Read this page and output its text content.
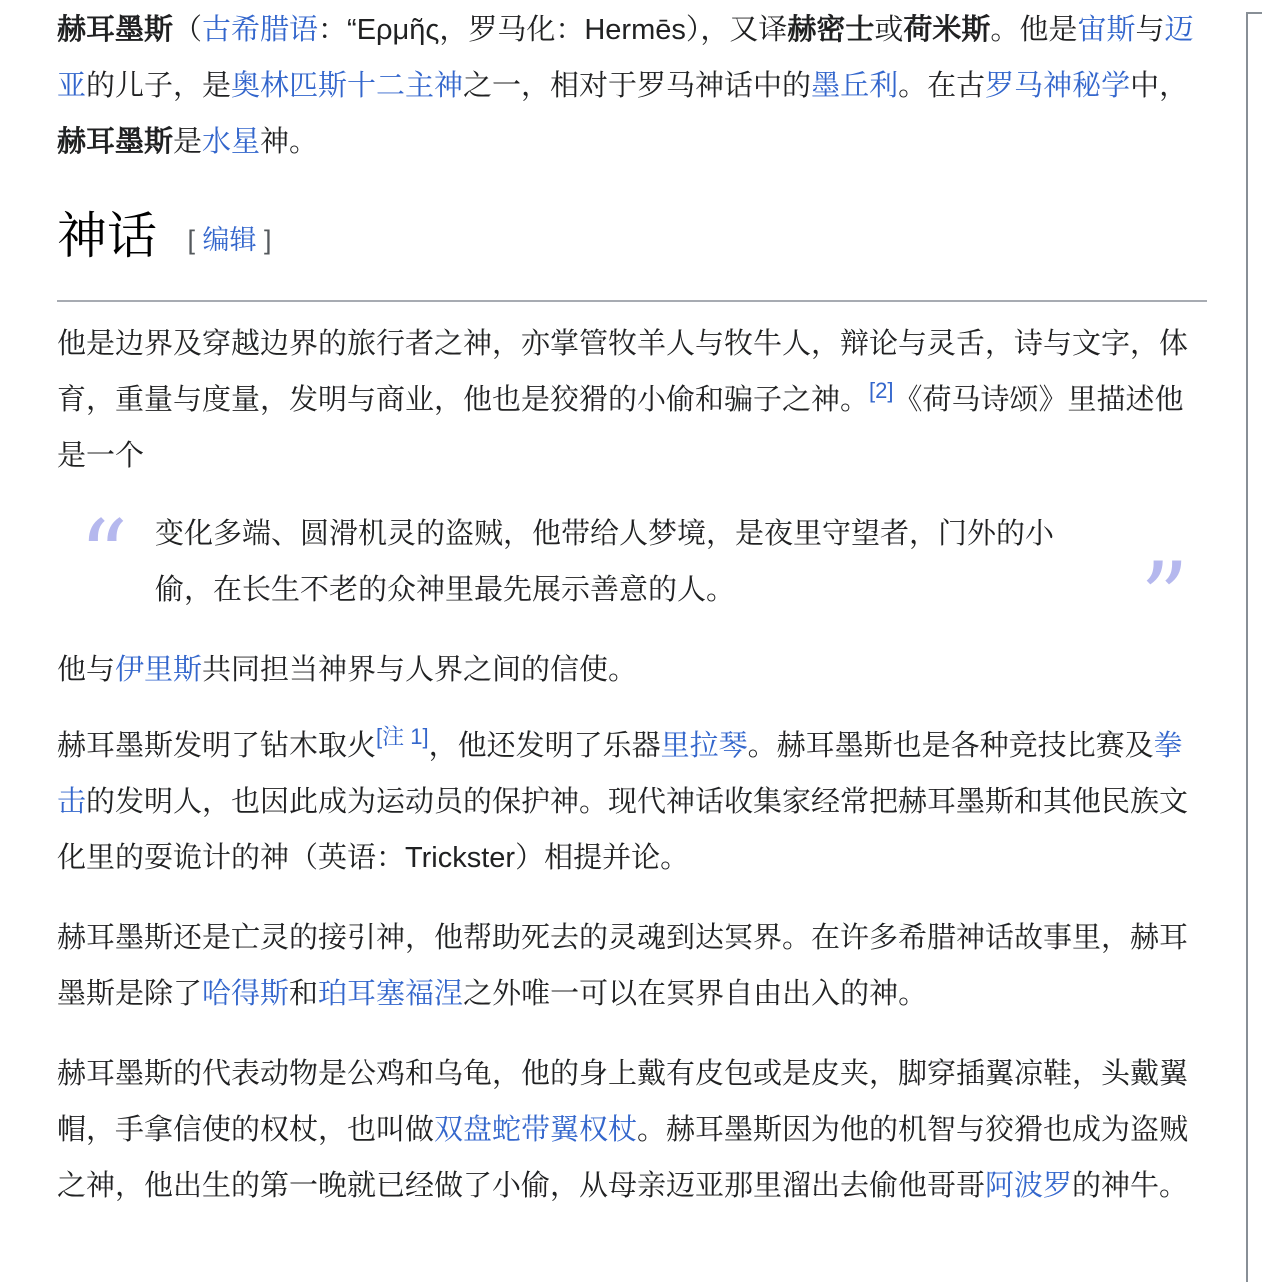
赫耳墨斯（古希腊语：“Ερμῆς，罗马化：Hermēs），又译赫密士或荷米斯。他是宙斯与迈亚的儿子，是奥林匹斯十二主神之一，相对于罗马神话中的墨丘利。在古罗马神秘学中，赫耳墨斯是水星神。

神话 [ 编辑 ]

他是边界及穿越边界的旅行者之神，亦掌管牧羊人与牧牛人，辩论与灵舌，诗与文字，体育，重量与度量，发明与商业，他也是狡猾的小偷和骗子之神。[2]《荷马诗颂》里描述他是一个

“ 变化多端、圆滑机灵的盗贼，他带给人梦境，是夜里守望者，门外的小偷，在长生不老的众神里最先展示善意的人。	”

他与伊里斯共同担当神界与人界之间的信使。

赫耳墨斯发明了钻木取火[注 1]，他还发明了乐器里拉琴。赫耳墨斯也是各种竞技比赛及拳击的发明人，也因此成为运动员的保护神。现代神话收集家经常把赫耳墨斯和其他民族文化里的耍诡计的神（英语：Trickster）相提并论。

赫耳墨斯还是亡灵的接引神，他帮助死去的灵魂到达冥界。在许多希腊神话故事里，赫耳墨斯是除了哈得斯和珀耳塞福涅之外唯一可以在冥界自由出入的神。

赫耳墨斯的代表动物是公鸡和乌龟，他的身上戴有皮包或是皮夹，脚穿插翼凉鞋，头戴翼帽，手拿信使的权杖，也叫做双盘蛇带翼权杖。赫耳墨斯因为他的机智与狡猾也成为盗贼之神，他出生的第一晚就已经做了小偷，从母亲迈亚那里溜出去偷他哥哥阿波罗的神牛。
